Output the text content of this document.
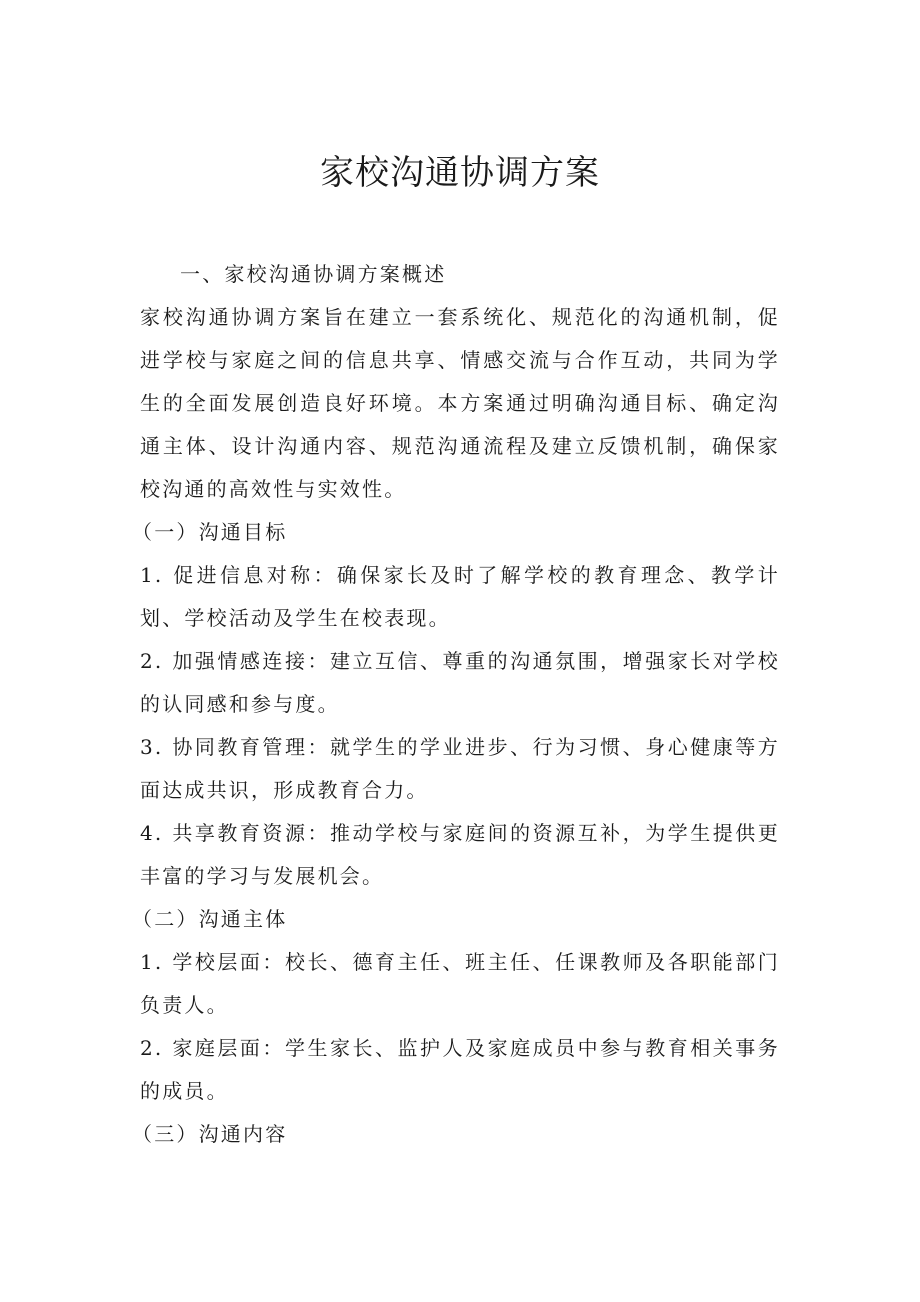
家校沟通协调方案

一、家校沟通协调方案概述

家校沟通协调方案旨在建立一套系统化、规范化的沟通机制，促进学校与家庭之间的信息共享、情感交流与合作互动，共同为学生的全面发展创造良好环境。本方案通过明确沟通目标、确定沟通主体、设计沟通内容、规范沟通流程及建立反馈机制，确保家校沟通的高效性与实效性。

（一）沟通目标

1. 促进信息对称：确保家长及时了解学校的教育理念、教学计划、学校活动及学生在校表现。

2. 加强情感连接：建立互信、尊重的沟通氛围，增强家长对学校的认同感和参与度。

3. 协同教育管理：就学生的学业进步、行为习惯、身心健康等方面达成共识，形成教育合力。

4. 共享教育资源：推动学校与家庭间的资源互补，为学生提供更丰富的学习与发展机会。

（二）沟通主体

1. 学校层面：校长、德育主任、班主任、任课教师及各职能部门负责人。

2. 家庭层面：学生家长、监护人及家庭成员中参与教育相关事务的成员。

（三）沟通内容
